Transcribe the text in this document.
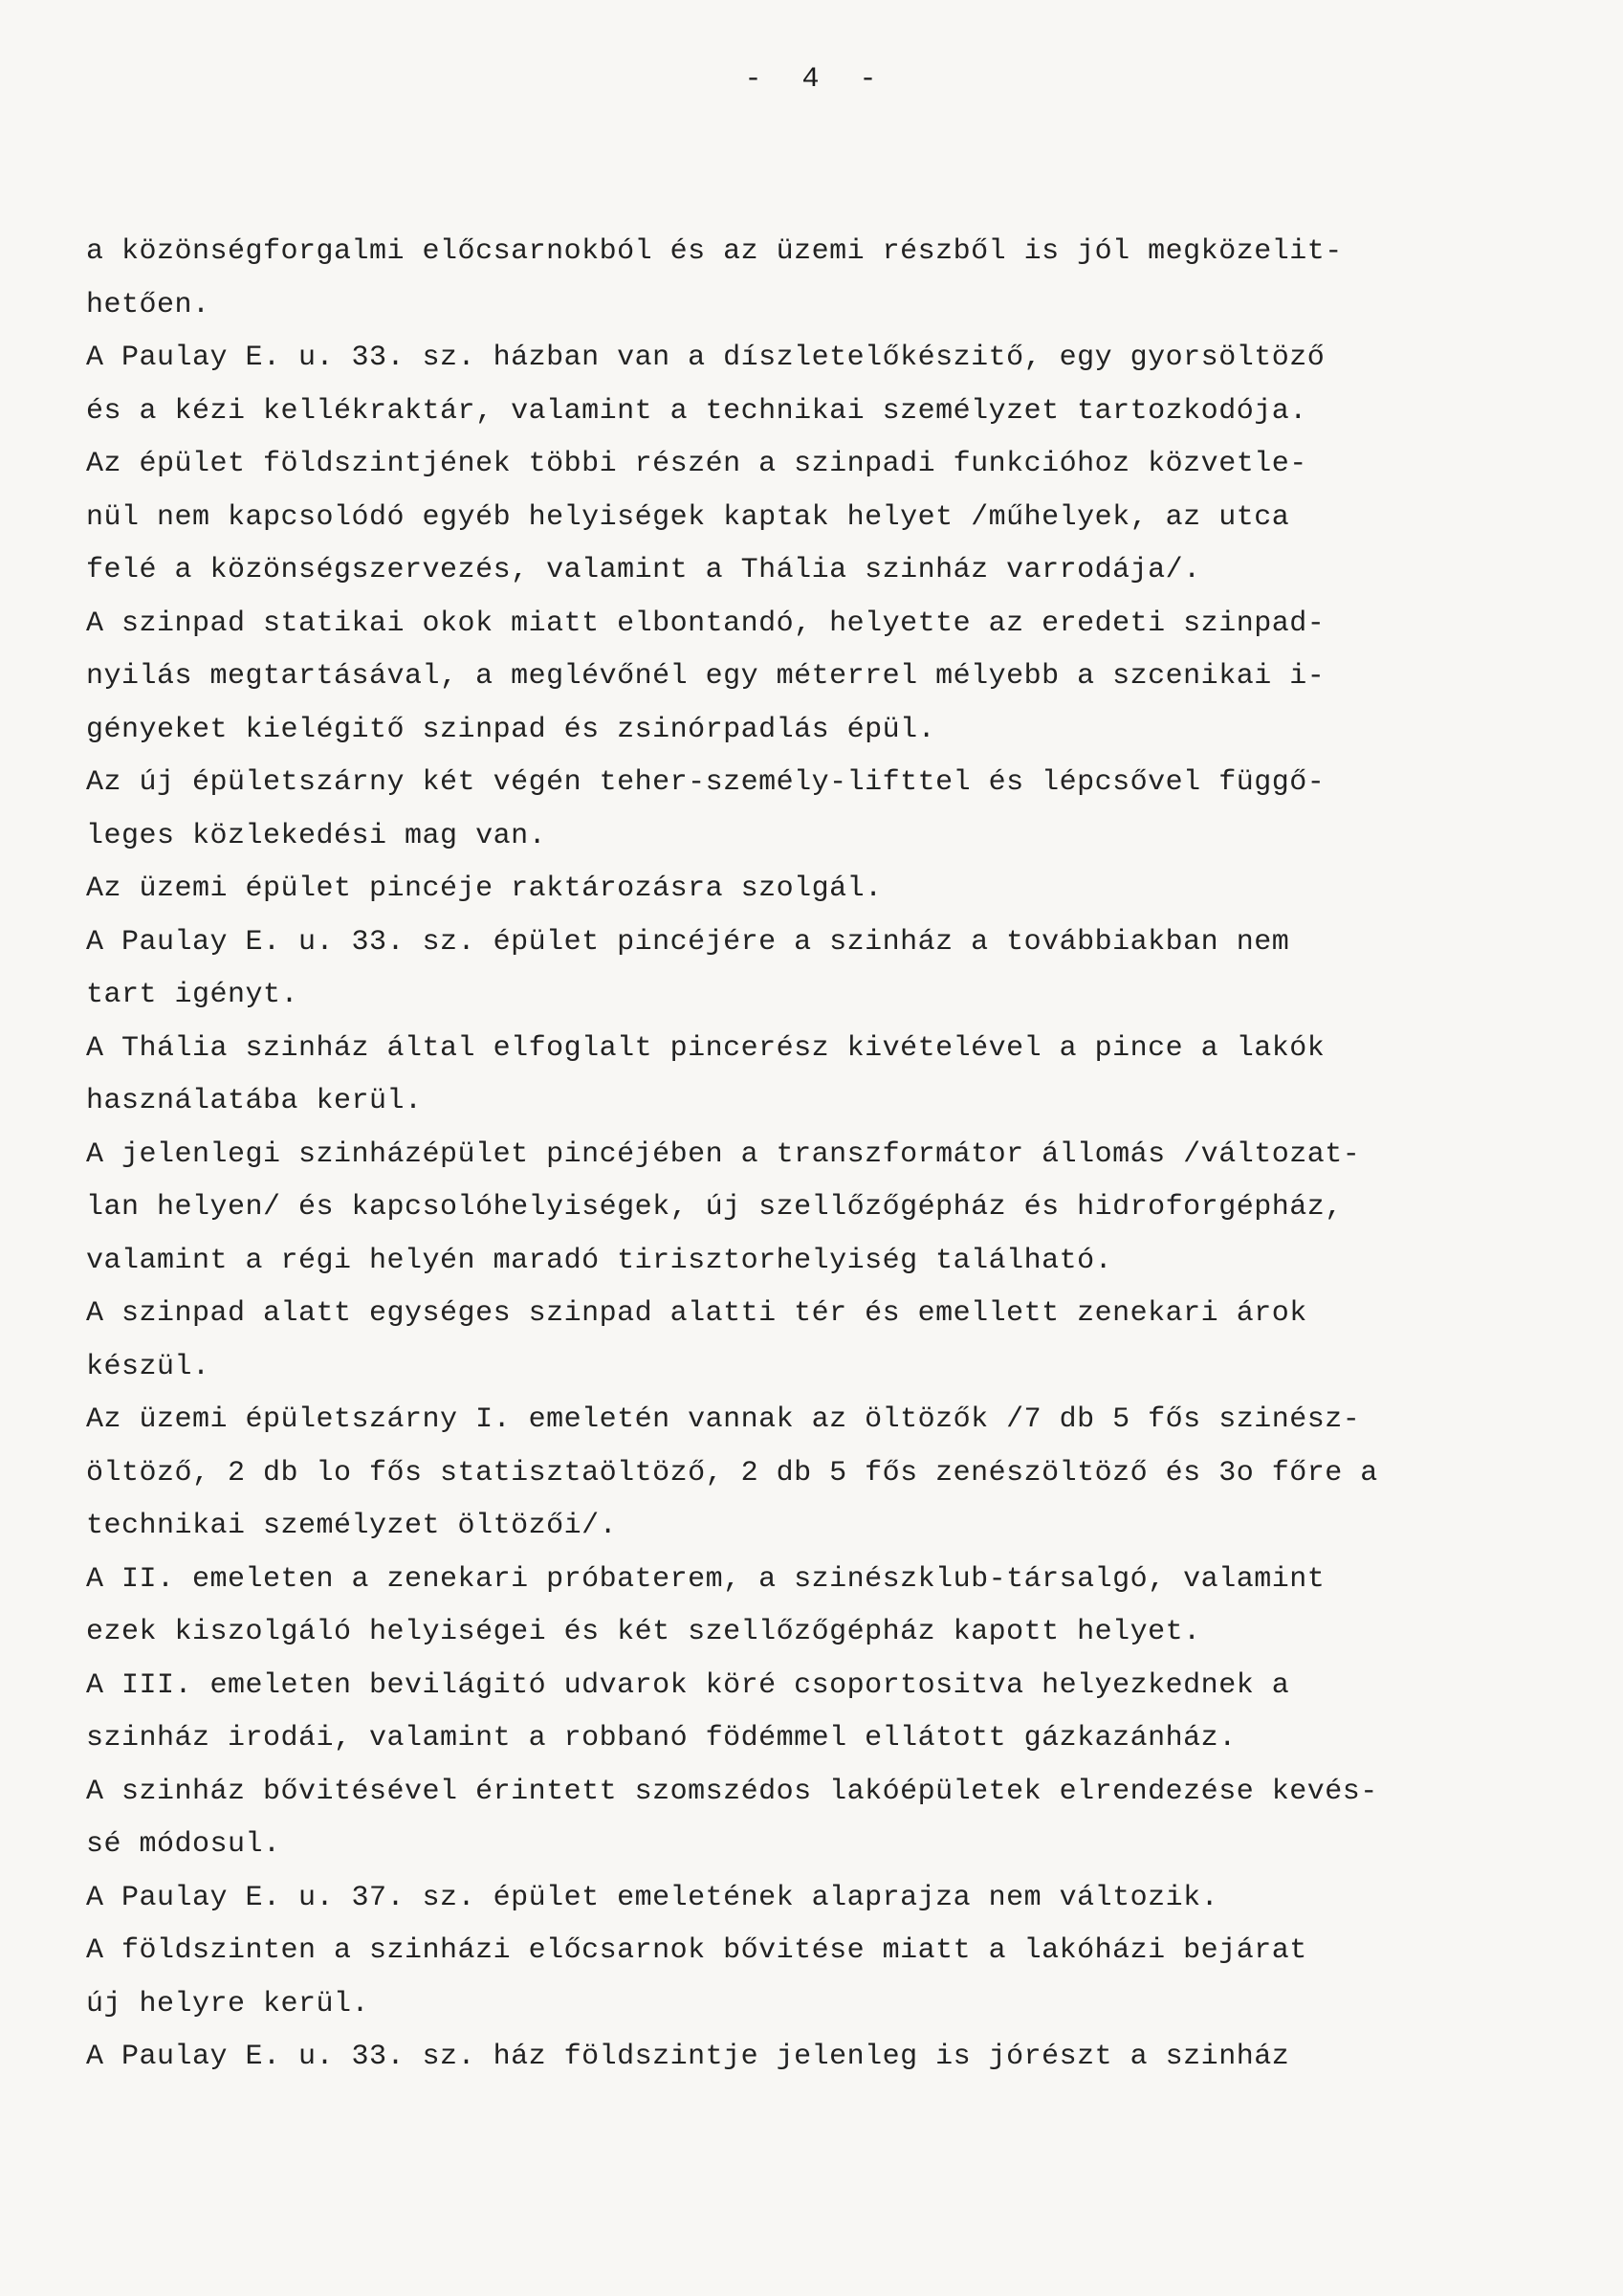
-  4  -
a közönségforgalmi előcsarnokból és az üzemi részből is jól megközelit-
hetően.
A Paulay E. u. 33. sz. házban van a díszletelőkészitő, egy gyorsöltöző
és a kézi kellékraktár, valamint a technikai személyzet tartozkodója.
Az épület földszintjének többi részén a szinpadi funkcióhoz közvetle-
nül nem kapcsolódó egyéb helyiségek kaptak helyet /műhelyek, az utca
felé a közönségszervezés, valamint a Thália szinház varrodája/.
A szinpad statikai okok miatt elbontandó, helyette az eredeti szinpad-
nyilás megtartásával, a meglévőnél egy méterrel mélyebb a szcenikai i-
gényeket kielégitő szinpad és zsinórpadlás épül.
Az új épületszárny két végén teher-személy-lifttel és lépcsővel függő-
leges közlekedési mag van.
Az üzemi épület pincéje raktározásra szolgál.
A Paulay E. u. 33. sz. épület pincéjére a szinház a továbbiakban nem
tart igényt.
A Thália szinház által elfoglalt pincerész kivételével a pince a lakók
használatába kerül.
A jelenlegi szinházépület pincéjében a transzformátor állomás /változat-
lan helyen/ és kapcsolóhelyiségek, új szellőzőgépház és hidroforgépház,
valamint a régi helyén maradó tirisztorhelyiség található.
A szinpad alatt egységes szinpad alatti tér és emellett zenekari árok
készül.
Az üzemi épületszárny I. emeletén vannak az öltözők /7 db 5 fős szinész-
öltöző, 2 db lo fős statisztaöltöző, 2 db 5 fős zenészöltöző és 3o főre a
technikai személyzet öltözői/.
A II. emeleten a zenekari próbaterem, a szinészklub-társalgó, valamint
ezek kiszolgáló helyiségei és két szellőzőgépház kapott helyet.
A III. emeleten bevilágitó udvarok köré csoportositva helyezkednek a
szinház irodái, valamint a robbanó födémmel ellátott gázkazánház.
A szinház bővitésével érintett szomszédos lakóépületek elrendezése kevés-
sé módosul.
A Paulay E. u. 37. sz. épület emeletének alaprajza nem változik.
A földszinten a szinházi előcsarnok bővitése miatt a lakóházi bejárat
új helyre kerül.
A Paulay E. u. 33. sz. ház földszintje jelenleg is jórészt a szinház
